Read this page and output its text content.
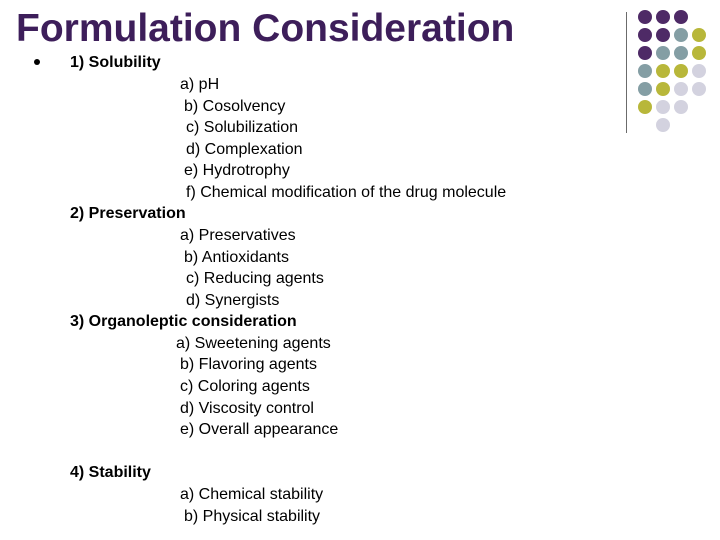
Formulation Consideration
1) Solubility
a) pH
b) Cosolvency
c) Solubilization
d) Complexation
e) Hydrotrophy
f) Chemical modification of the drug molecule
2) Preservation
a) Preservatives
b) Antioxidants
c) Reducing agents
d) Synergists
3) Organoleptic consideration
a) Sweetening agents
b) Flavoring agents
c) Coloring agents
d) Viscosity control
e) Overall appearance
4) Stability
a) Chemical stability
b) Physical stability
